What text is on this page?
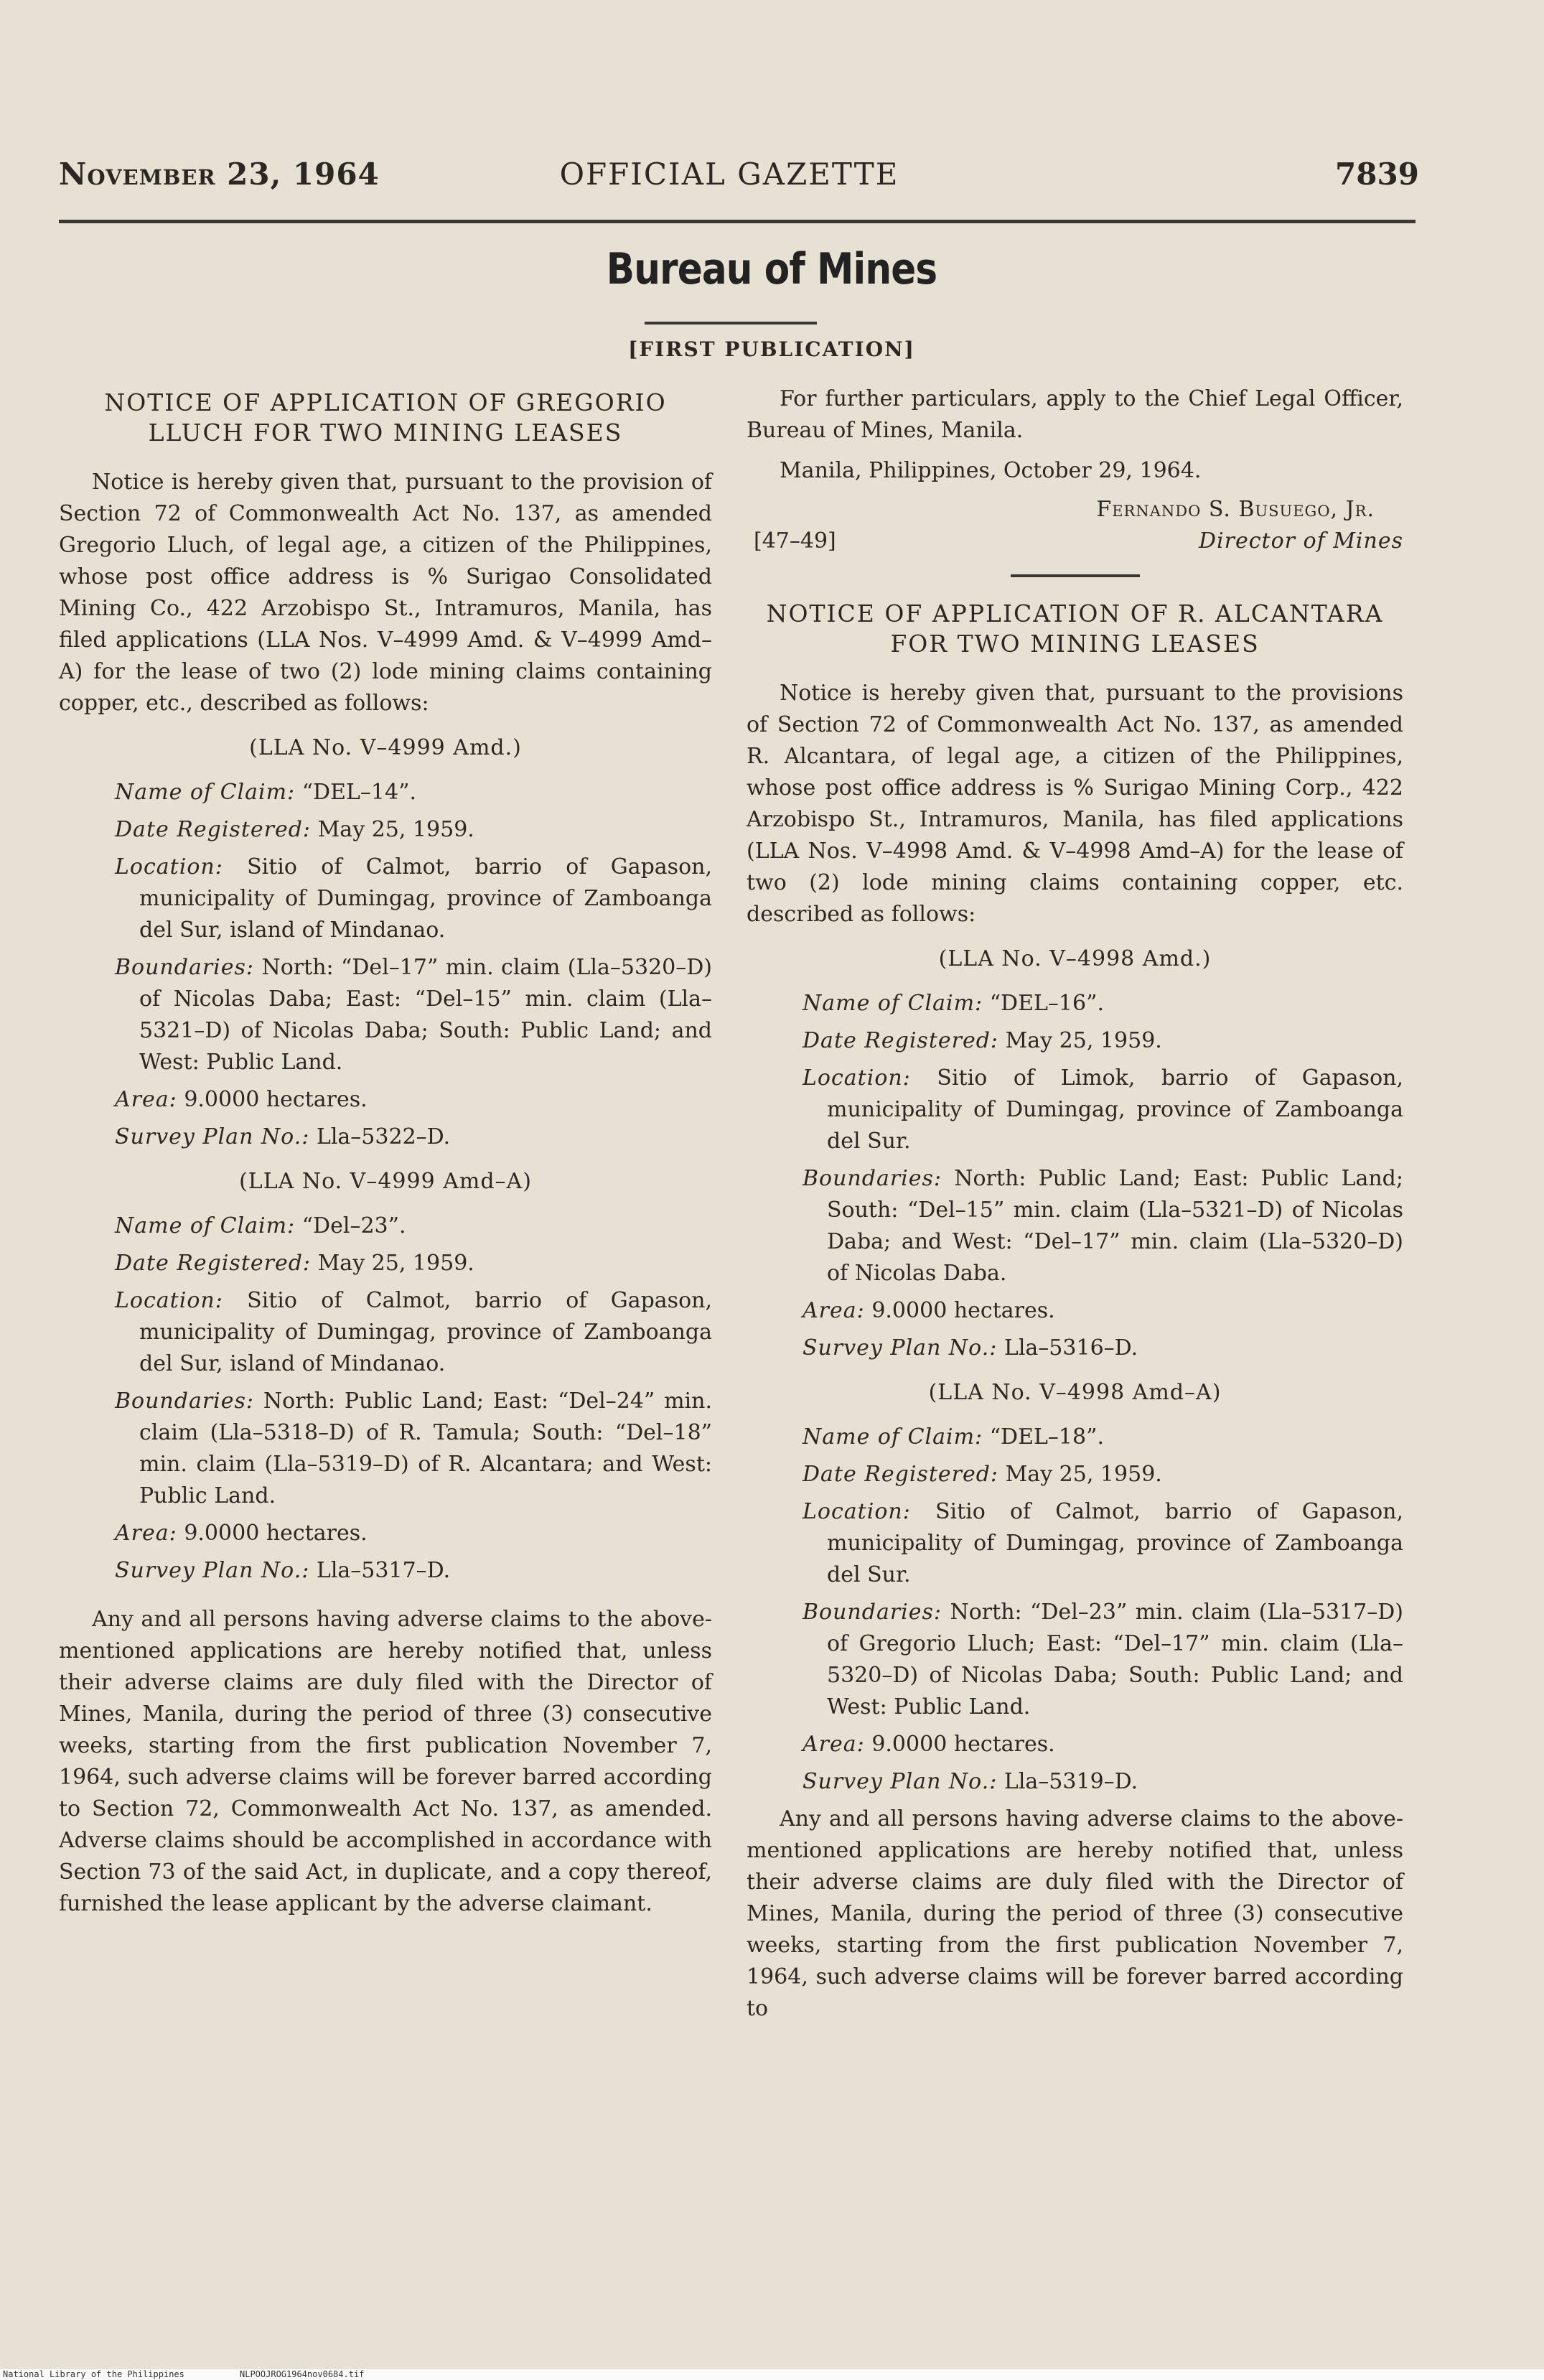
November 23, 1964	OFFICIAL GAZETTE	7839
Bureau of Mines
[FIRST PUBLICATION]
NOTICE OF APPLICATION OF GREGORIO LLUCH FOR TWO MINING LEASES

Notice is hereby given that, pursuant to the provision of Section 72 of Commonwealth Act No. 137, as amended Gregorio Lluch, of legal age, a citizen of the Philippines, whose post office address is % Surigao Consolidated Mining Co., 422 Arzobispo St., Intramuros, Manila, has filed applications (LLA Nos. V–4999 Amd. & V–4999 Amd–A) for the lease of two (2) lode mining claims containing copper, etc., described as follows:

(LLA No. V–4999 Amd.)
Name of Claim: “DEL–14”.
Date Registered: May 25, 1959.
Location: Sitio of Calmot, barrio of Gapason, municipality of Dumingag, province of Zamboanga del Sur, island of Mindanao.
Boundaries: North: “Del–17” min. claim (Lla–5320–D) of Nicolas Daba; East: “Del–15” min. claim (Lla–5321–D) of Nicolas Daba; South: Public Land; and West: Public Land.
Area: 9.0000 hectares.
Survey Plan No.: Lla–5322–D.
(LLA No. V–4999 Amd–A)
Name of Claim: “Del–23”.
Date Registered: May 25, 1959.
Location: Sitio of Calmot, barrio of Gapason, municipality of Dumingag, province of Zamboanga del Sur, island of Mindanao.
Boundaries: North: Public Land; East: “Del–24” min. claim (Lla–5318–D) of R. Tamula; South: “Del–18” min. claim (Lla–5319–D) of R. Alcantara; and West: Public Land.
Area: 9.0000 hectares.
Survey Plan No.: Lla–5317–D.

Any and all persons having adverse claims to the above-mentioned applications are hereby notified that, unless their adverse claims are duly filed with the Director of Mines, Manila, during the period of three (3) consecutive weeks, starting from the first publication November 7, 1964, such adverse claims will be forever barred according to Section 72, Commonwealth Act No. 137, as amended. Adverse claims should be accomplished in accordance with Section 73 of the said Act, in duplicate, and a copy thereof, furnished the lease applicant by the adverse claimant.

For further particulars, apply to the Chief Legal Officer, Bureau of Mines, Manila.

Manila, Philippines, October 29, 1964.

Fernando S. Busuego, Jr.
[47–49]	Director of Mines
NOTICE OF APPLICATION OF R. ALCANTARA FOR TWO MINING LEASES

Notice is hereby given that, pursuant to the provisions of Section 72 of Commonwealth Act No. 137, as amended R. Alcantara, of legal age, a citizen of the Philippines, whose post office address is % Surigao Mining Corp., 422 Arzobispo St., Intramuros, Manila, has filed applications (LLA Nos. V–4998 Amd. & V–4998 Amd–A) for the lease of two (2) lode mining claims containing copper, etc. described as follows:

(LLA No. V–4998 Amd.)
Name of Claim: “DEL–16”.
Date Registered: May 25, 1959.
Location: Sitio of Limok, barrio of Gapason, municipality of Dumingag, province of Zamboanga del Sur.
Boundaries: North: Public Land; East: Public Land; South: “Del–15” min. claim (Lla–5321–D) of Nicolas Daba; and West: “Del–17” min. claim (Lla–5320–D) of Nicolas Daba.
Area: 9.0000 hectares.
Survey Plan No.: Lla–5316–D.
(LLA No. V–4998 Amd–A)
Name of Claim: “DEL–18”.
Date Registered: May 25, 1959.
Location: Sitio of Calmot, barrio of Gapason, municipality of Dumingag, province of Zamboanga del Sur.
Boundaries: North: “Del–23” min. claim (Lla–5317–D) of Gregorio Lluch; East: “Del–17” min. claim (Lla–5320–D) of Nicolas Daba; South: Public Land; and West: Public Land.
Area: 9.0000 hectares.
Survey Plan No.: Lla–5319–D.

Any and all persons having adverse claims to the above-mentioned applications are hereby notified that, unless their adverse claims are duly filed with the Director of Mines, Manila, during the period of three (3) consecutive weeks, starting from the first publication November 7, 1964, such adverse claims will be forever barred according to

National Library of the Philippines	NLPOOJROG1964nov0684.tif
